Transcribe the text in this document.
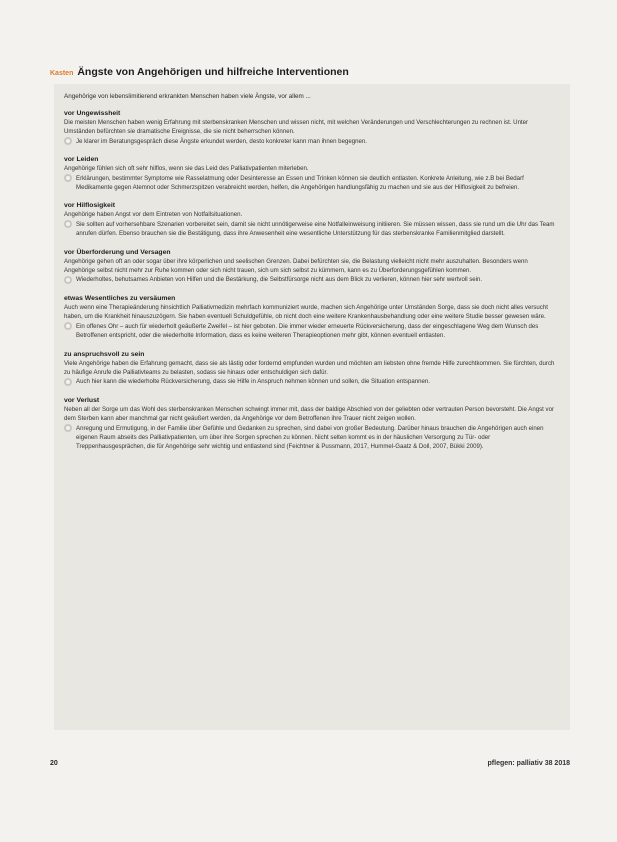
Kasten Ängste von Angehörigen und hilfreiche Interventionen

Angehörige von lebenslimitierend erkrankten Menschen haben viele Ängste, vor allem ...

vor Ungewissheit
Die meisten Menschen haben wenig Erfahrung mit sterbenskranken Menschen und wissen nicht, mit welchen Veränderungen und Verschlechterungen zu rechnen ist. Unter Umständen befürchten sie dramatische Ereignisse, die sie nicht beherrschen können.
Je klarer im Beratungsgespräch diese Ängste erkundet werden, desto konkreter kann man ihnen begegnen.
vor Leiden
Angehörige fühlen sich oft sehr hilflos, wenn sie das Leid des Palliativpatienten miterleben.
Erklärungen, bestimmter Symptome wie Rasselatmung oder Desinteresse an Essen und Trinken können sie deutlich entlasten. Konkrete Anleitung, wie z.B bei Bedarf Medikamente gegen Atemnot oder Schmerzspitzen verabreicht werden, helfen, die Angehörigen handlungsfähig zu machen und sie aus der Hilflosigkeit zu befreien.
vor Hilflosigkeit
Angehörige haben Angst vor dem Eintreten von Notfallsituationen.
Sie sollten auf vorhersehbare Szenarien vorbereitet sein, damit sie nicht unnötigerweise eine Notfalleinweisung initiieren. Sie müssen wissen, dass sie rund um die Uhr das Team anrufen dürfen. Ebenso brauchen sie die Bestätigung, dass ihre Anwesenheit eine wesentliche Unterstützung für das sterbenskranke Familienmitglied darstellt.
vor Überforderung und Versagen
Angehörige gehen oft an oder sogar über ihre körperlichen und seelischen Grenzen. Dabei befürchten sie, die Belastung vielleicht nicht mehr auszuhalten. Besonders wenn Angehörige selbst nicht mehr zur Ruhe kommen oder sich nicht trauen, sich um sich selbst zu kümmern, kann es zu Überforderungsgefühlen kommen.
Wiederholtes, behutsames Anbieten von Hilfen und die Bestärkung, die Selbstfürsorge nicht aus dem Blick zu verlieren, können hier sehr wertvoll sein.
etwas Wesentliches zu versäumen
Auch wenn eine Therapieänderung hinsichtlich Palliativmedizin mehrfach kommuniziert wurde, machen sich Angehörige unter Umständen Sorge, dass sie doch nicht alles versucht haben, um die Krankheit hinauszuzögern. Sie haben eventuell Schuldgefühle, ob nicht doch eine weitere Krankenhausbehandlung oder eine weitere Studie besser gewesen wäre.
Ein offenes Ohr – auch für wiederholt geäußerte Zweifel – ist hier geboten. Die immer wieder erneuerte Rückversicherung, dass der eingeschlagene Weg dem Wunsch des Betroffenen entspricht, oder die wiederholte Information, dass es keine weiteren Therapieoptionen mehr gibt, können eventuell entlasten.
zu anspruchsvoll zu sein
Viele Angehörige haben die Erfahrung gemacht, dass sie als lästig oder fordernd empfunden wurden und möchten am liebsten ohne fremde Hilfe zurechtkommen. Sie fürchten, durch zu häufige Anrufe die Palliativteams zu belasten, sodass sie hinaus oder entschuldigen sich dafür.
Auch hier kann die wiederholte Rückversicherung, dass sie Hilfe in Anspruch nehmen können und sollen, die Situation entspannen.
vor Verlust
Neben all der Sorge um das Wohl des sterbenskranken Menschen schwingt immer mit, dass der baldige Abschied von der geliebten oder vertrauten Person bevorsteht. Die Angst vor dem Sterben kann aber manchmal gar nicht geäußert werden, da Angehörige vor dem Betroffenen ihre Trauer nicht zeigen wollen.
Anregung und Ermutigung, in der Familie über Gefühle und Gedanken zu sprechen, sind dabei von großer Bedeutung. Darüber hinaus brauchen die Angehörigen auch einen eigenen Raum abseits des Palliativpatienten, um über ihre Sorgen sprechen zu können. Nicht selten kommt es in der häuslichen Versorgung zu Tür- oder Treppenhausgesprächen, die für Angehörige sehr wichtig und entlastend sind (Feichtner & Pussmann, 2017, Hummel-Gaatz & Doll, 2007, Bükki 2009).
20	pflegen: palliativ 38 2018
